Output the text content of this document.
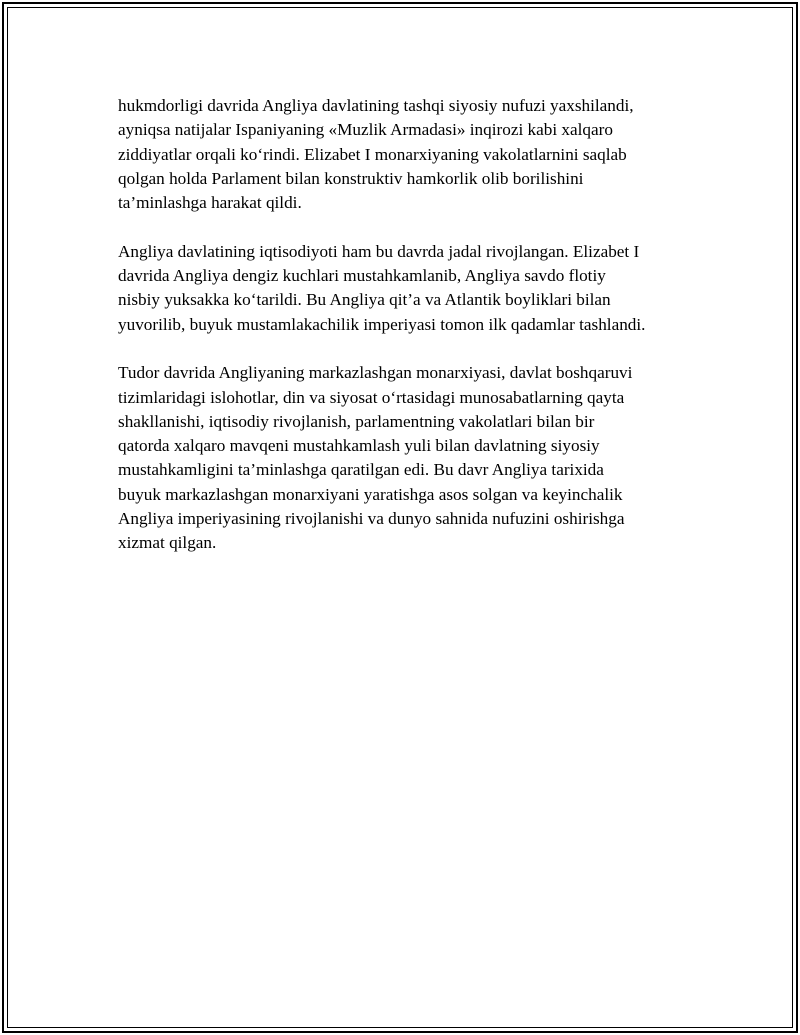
hukmdorligi davrida Angliya davlatining tashqi siyosiy nufuzi yaxshilandi,
ayniqsa natijalar Ispaniyaning «Muzlik Armadasi» inqirozi kabi xalqaro
ziddiyatlar orqali ko‘rindi. Elizabet I monarxiyaning vakolatlarnini saqlab
qolgan holda Parlament bilan konstruktiv hamkorlik olib borilishini
ta’minlashga harakat qildi.

Angliya davlatining iqtisodiyoti ham bu davrda jadal rivojlangan. Elizabet I
davrida Angliya dengiz kuchlari mustahkamlanib, Angliya savdo flotiy
nisbiy yuksakka ko‘tarildi. Bu Angliya qit’a va Atlantik boyliklari bilan
yuvorilib, buyuk mustamlakachilik imperiyasi tomon ilk qadamlar tashlandi.

Tudor davrida Angliyaning markazlashgan monarxiyasi, davlat boshqaruvi
tizimlaridagi islohotlar, din va siyosat o‘rtasidagi munosabatlarning qayta
shakllanishi, iqtisodiy rivojlanish, parlamentning vakolatlari bilan bir
qatorda xalqaro mavqeni mustahkamlash yuli bilan davlatning siyosiy
mustahkamligini ta’minlashga qaratilgan edi. Bu davr Angliya tarixida
buyuk markazlashgan monarxiyani yaratishga asos solgan va keyinchalik
Angliya imperiyasining rivojlanishi va dunyo sahnida nufuzini oshirishga
xizmat qilgan.
